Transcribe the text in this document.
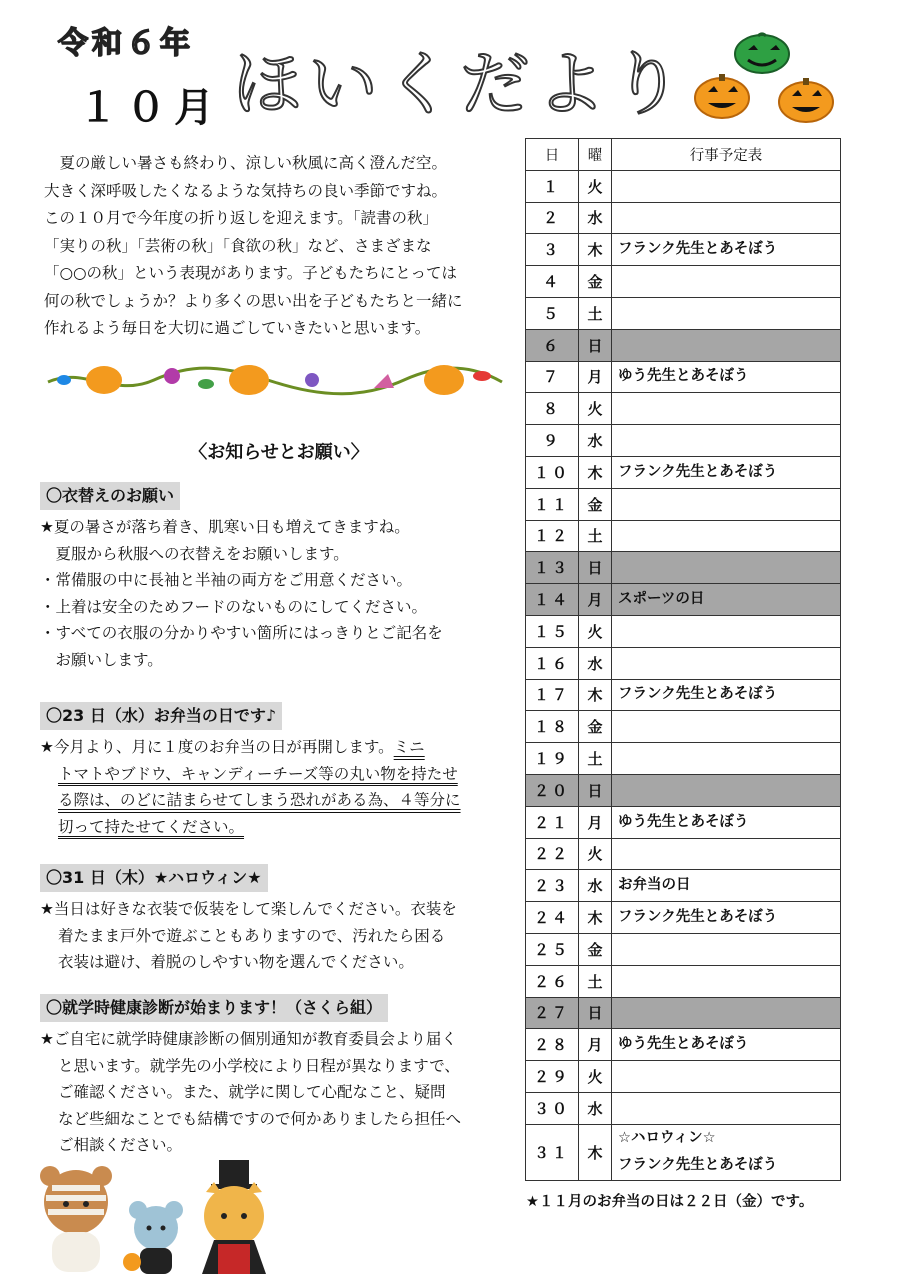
令和６年
１０月 ほいくだより

　夏の厳しい暑さも終わり、涼しい秋風に高く澄んだ空。

大きく深呼吸したくなるような気持ちの良い季節ですね。

この１０月で今年度の折り返しを迎えます。「読書の秋」

「実りの秋」「芸術の秋」「食欲の秋」など、さまざまな

「○○の秋」という表現があります。子どもたちにとっては

何の秋でしょうか？より多くの思い出を子どもたちと一緒に

作れるよう毎日を大切に過ごしていきたいと思います。

〈お知らせとお願い〉
〇衣替えのお願い
★夏の暑さが落ち着き、肌寒い日も増えてきますね。
　夏服から秋服への衣替えをお願いします。
・常備服の中に長袖と半袖の両方をご用意ください。
・上着は安全のためフードのないものにしてください。
・すべての衣服の分かりやすい箇所にはっきりとご記名を
　お願いします。
〇23 日（水）お弁当の日です♪
★今月より、月に１度のお弁当の日が再開します。ミニ
トマトやブドウ、キャンディーチーズ等の丸い物を持たせ
る際は、のどに詰まらせてしまう恐れがある為、４等分に
切って持たせてください。
〇31 日（木）★ハロウィン★
★当日は好きな衣装で仮装をして楽しんでください。衣装を
着たまま戸外で遊ぶこともありますので、汚れたら困る
衣装は避け、着脱のしやすい物を選んでください。
〇就学時健康診断が始まります！（さくら組）
★ご自宅に就学時健康診断の個別通知が教育委員会より届く
と思います。就学先の小学校により日程が異なりますで、
ご確認ください。また、就学に関して心配なこと、疑問
など些細なことでも結構ですので何かありましたら担任へ
ご相談ください。
日	曜	行事予定表
１	火	
２	水	
３	木	フランク先生とあそぼう
４	金	
５	土	
６	日	
７	月	ゆう先生とあそぼう
８	火	
９	水	
１０	木	フランク先生とあそぼう
１１	金	
１２	土	
１３	日	
１４	月	スポーツの日
１５	火	
１６	水	
１７	木	フランク先生とあそぼう
１８	金	
１９	土	
２０	日	
２１	月	ゆう先生とあそぼう
２２	火	
２３	水	お弁当の日
２４	木	フランク先生とあそぼう
２５	金	
２６	土	
２７	日	
２８	月	ゆう先生とあそぼう
２９	火	
３０	水	
３１	木	☆ハロウィン☆
フランク先生とあそぼう
★１１月のお弁当の日は２２日（金）です。
